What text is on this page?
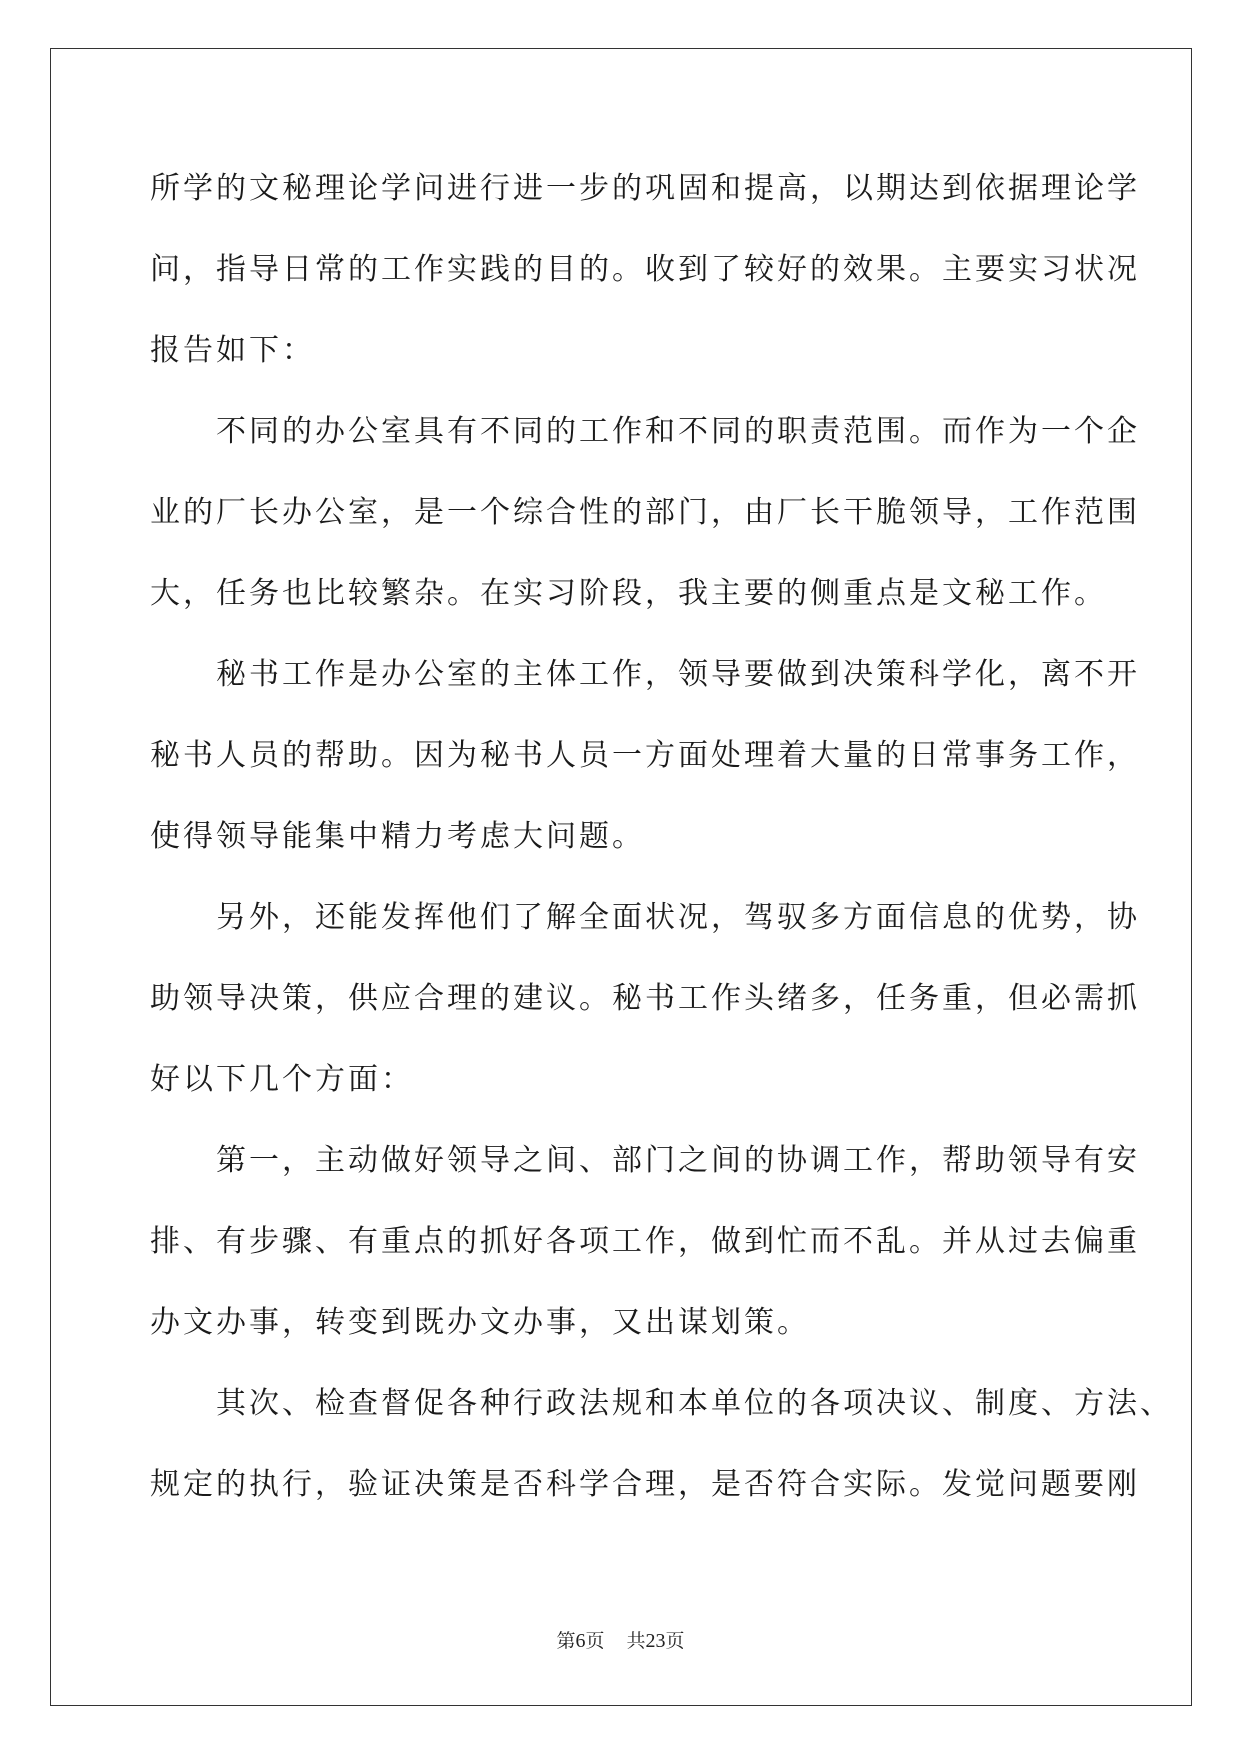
所学的文秘理论学问进行进一步的巩固和提高，以期达到依据理论学
问，指导日常的工作实践的目的。收到了较好的效果。主要实习状况
报告如下：
不同的办公室具有不同的工作和不同的职责范围。而作为一个企
业的厂长办公室，是一个综合性的部门，由厂长干脆领导，工作范围
大，任务也比较繁杂。在实习阶段，我主要的侧重点是文秘工作。
秘书工作是办公室的主体工作，领导要做到决策科学化，离不开
秘书人员的帮助。因为秘书人员一方面处理着大量的日常事务工作，
使得领导能集中精力考虑大问题。
另外，还能发挥他们了解全面状况，驾驭多方面信息的优势，协
助领导决策，供应合理的建议。秘书工作头绪多，任务重，但必需抓
好以下几个方面：
第一，主动做好领导之间、部门之间的协调工作，帮助领导有安
排、有步骤、有重点的抓好各项工作，做到忙而不乱。并从过去偏重
办文办事，转变到既办文办事，又出谋划策。
其次、检查督促各种行政法规和本单位的各项决议、制度、方法、
规定的执行，验证决策是否科学合理，是否符合实际。发觉问题要刚
第6页 共23页
